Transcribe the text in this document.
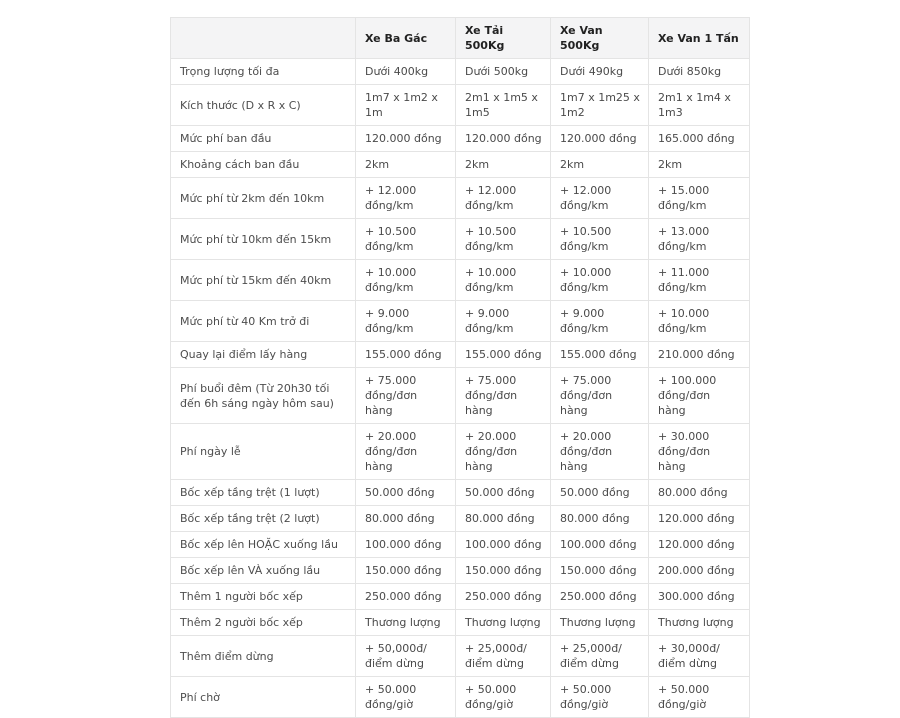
	Xe Ba Gác	Xe Tải 500Kg	Xe Van 500Kg	Xe Van 1 Tấn
Trọng lượng tối đa	Dưới 400kg	Dưới 500kg	Dưới 490kg	Dưới 850kg
Kích thước (D x R x C)	1m7 x 1m2 x 1m	2m1 x 1m5 x 1m5	1m7 x 1m25 x 1m2	2m1 x 1m4 x 1m3
Mức phí ban đầu	120.000 đồng	120.000 đồng	120.000 đồng	165.000 đồng
Khoảng cách ban đầu	2km	2km	2km	2km
Mức phí từ 2km đến 10km	+ 12.000 đồng/km	+ 12.000 đồng/km	+ 12.000 đồng/km	+ 15.000 đồng/km
Mức phí từ 10km đến 15km	+ 10.500 đồng/km	+ 10.500 đồng/km	+ 10.500 đồng/km	+ 13.000 đồng/km
Mức phí từ 15km đến 40km	+ 10.000 đồng/km	+ 10.000 đồng/km	+ 10.000 đồng/km	+ 11.000 đồng/km
Mức phí từ 40 Km trở đi	+ 9.000 đồng/km	+ 9.000 đồng/km	+ 9.000 đồng/km	+ 10.000 đồng/km
Quay lại điểm lấy hàng	155.000 đồng	155.000 đồng	155.000 đồng	210.000 đồng
Phí buổi đêm (Từ 20h30 tối đến 6h sáng ngày hôm sau)	+ 75.000 đồng/đơn hàng	+ 75.000 đồng/đơn hàng	+ 75.000 đồng/đơn hàng	+ 100.000 đồng/đơn hàng
Phí ngày lễ	+ 20.000 đồng/đơn hàng	+ 20.000 đồng/đơn hàng	+ 20.000 đồng/đơn hàng	+ 30.000 đồng/đơn hàng
Bốc xếp tầng trệt (1 lượt)	50.000 đồng	50.000 đồng	50.000 đồng	80.000 đồng
Bốc xếp tầng trệt (2 lượt)	80.000 đồng	80.000 đồng	80.000 đồng	120.000 đồng
Bốc xếp lên HOẶC xuống lầu	100.000 đồng	100.000 đồng	100.000 đồng	120.000 đồng
Bốc xếp lên VÀ xuống lầu	150.000 đồng	150.000 đồng	150.000 đồng	200.000 đồng
Thêm 1 người bốc xếp	250.000 đồng	250.000 đồng	250.000 đồng	300.000 đồng
Thêm 2 người bốc xếp	Thương lượng	Thương lượng	Thương lượng	Thương lượng
Thêm điểm dừng	+ 50,000đ/điểm dừng	+ 25,000đ/điểm dừng	+ 25,000đ/điểm dừng	+ 30,000đ/điểm dừng
Phí chờ	+ 50.000 đồng/giờ	+ 50.000 đồng/giờ	+ 50.000 đồng/giờ	+ 50.000 đồng/giờ
